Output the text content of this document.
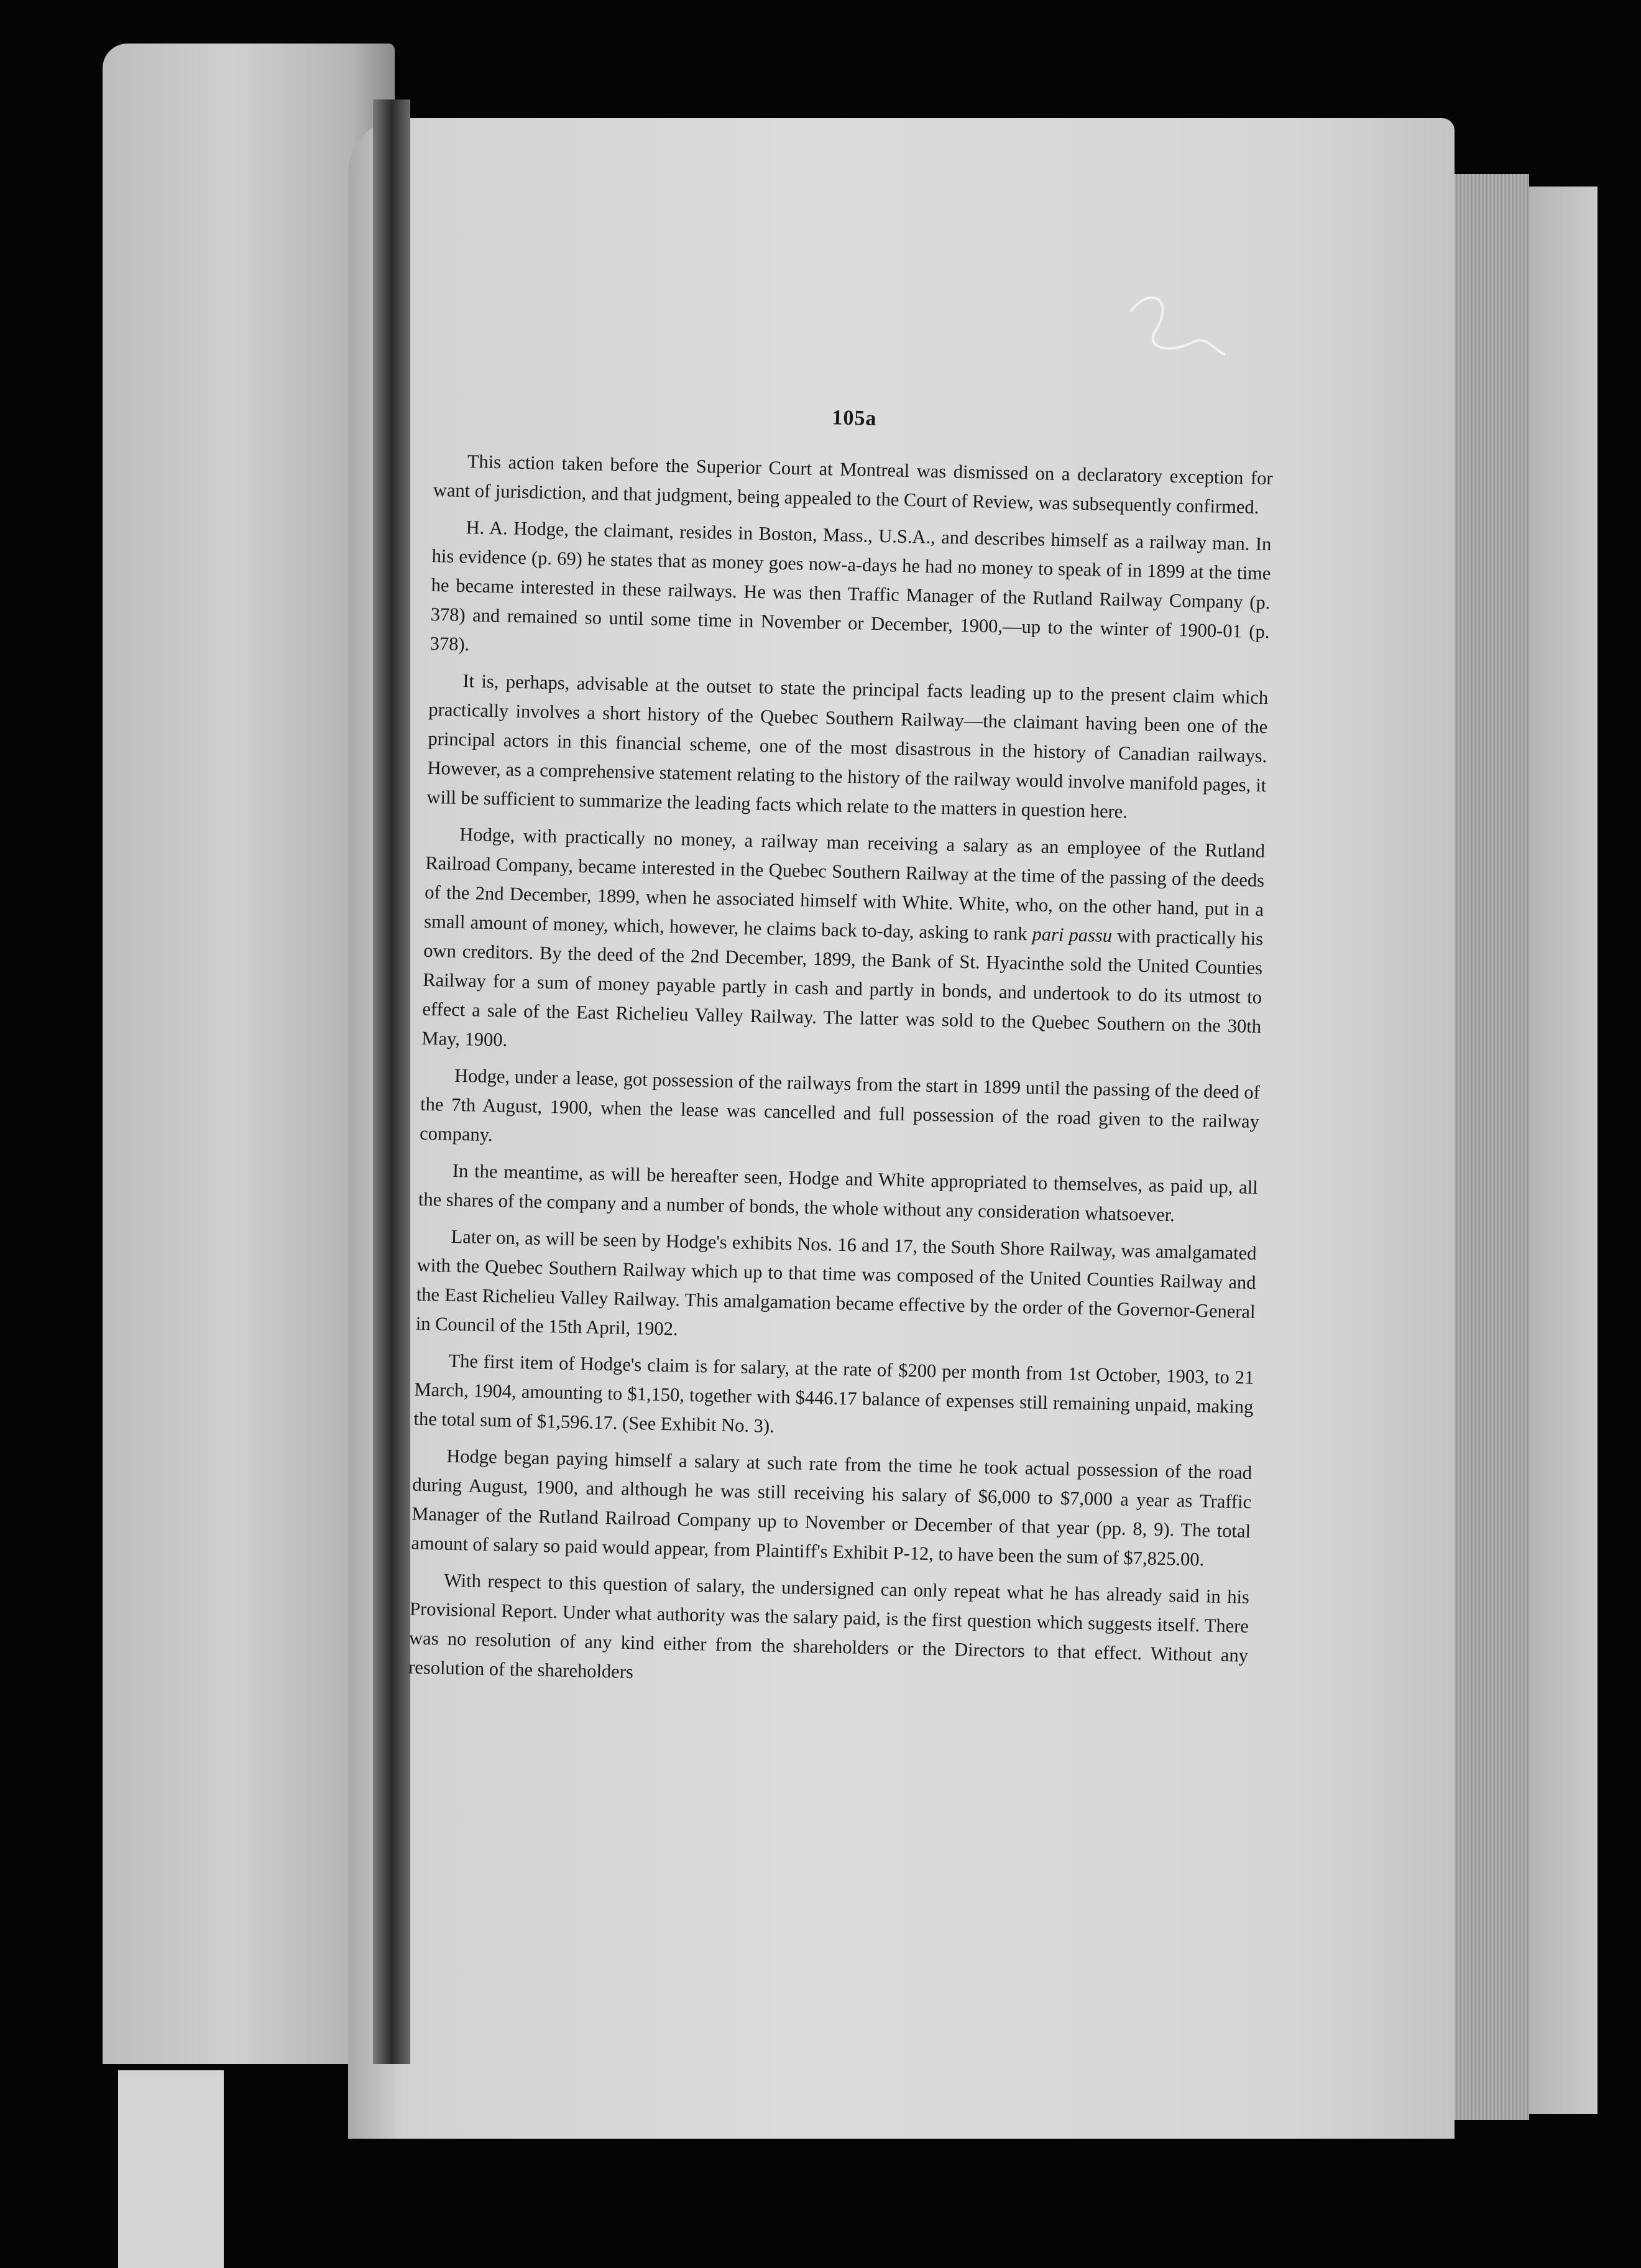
105a

This action taken before the Superior Court at Montreal was dismissed on a declaratory exception for want of jurisdiction, and that judgment, being appealed to the Court of Review, was subsequently confirmed.

H. A. Hodge, the claimant, resides in Boston, Mass., U.S.A., and describes himself as a railway man. In his evidence (p. 69) he states that as money goes now-a-days he had no money to speak of in 1899 at the time he became interested in these railways. He was then Traffic Manager of the Rutland Railway Company (p. 378) and remained so until some time in November or December, 1900,—up to the winter of 1900-01 (p. 378).

It is, perhaps, advisable at the outset to state the principal facts leading up to the present claim which practically involves a short history of the Quebec Southern Railway—the claimant having been one of the principal actors in this financial scheme, one of the most disastrous in the history of Canadian railways. However, as a comprehensive statement relating to the history of the railway would involve manifold pages, it will be sufficient to summarize the leading facts which relate to the matters in question here.

Hodge, with practically no money, a railway man receiving a salary as an employee of the Rutland Railroad Company, became interested in the Quebec Southern Railway at the time of the passing of the deeds of the 2nd December, 1899, when he associated himself with White. White, who, on the other hand, put in a small amount of money, which, however, he claims back to-day, asking to rank pari passu with practically his own creditors. By the deed of the 2nd December, 1899, the Bank of St. Hyacinthe sold the United Counties Railway for a sum of money payable partly in cash and partly in bonds, and undertook to do its utmost to effect a sale of the East Richelieu Valley Railway. The latter was sold to the Quebec Southern on the 30th May, 1900.

Hodge, under a lease, got possession of the railways from the start in 1899 until the passing of the deed of the 7th August, 1900, when the lease was cancelled and full possession of the road given to the railway company.

In the meantime, as will be hereafter seen, Hodge and White appropriated to themselves, as paid up, all the shares of the company and a number of bonds, the whole without any consideration whatsoever.

Later on, as will be seen by Hodge's exhibits Nos. 16 and 17, the South Shore Railway, was amalgamated with the Quebec Southern Railway which up to that time was composed of the United Counties Railway and the East Richelieu Valley Railway. This amalgamation became effective by the order of the Governor-General in Council of the 15th April, 1902.

The first item of Hodge's claim is for salary, at the rate of $200 per month from 1st October, 1903, to 21 March, 1904, amounting to $1,150, together with $446.17 balance of expenses still remaining unpaid, making the total sum of $1,596.17. (See Exhibit No. 3).

Hodge began paying himself a salary at such rate from the time he took actual possession of the road during August, 1900, and although he was still receiving his salary of $6,000 to $7,000 a year as Traffic Manager of the Rutland Railroad Company up to November or December of that year (pp. 8, 9). The total amount of salary so paid would appear, from Plaintiff's Exhibit P-12, to have been the sum of $7,825.00.

With respect to this question of salary, the undersigned can only repeat what he has already said in his Provisional Report. Under what authority was the salary paid, is the first question which suggests itself. There was no resolution of any kind either from the shareholders or the Directors to that effect. Without any resolution of the shareholders
